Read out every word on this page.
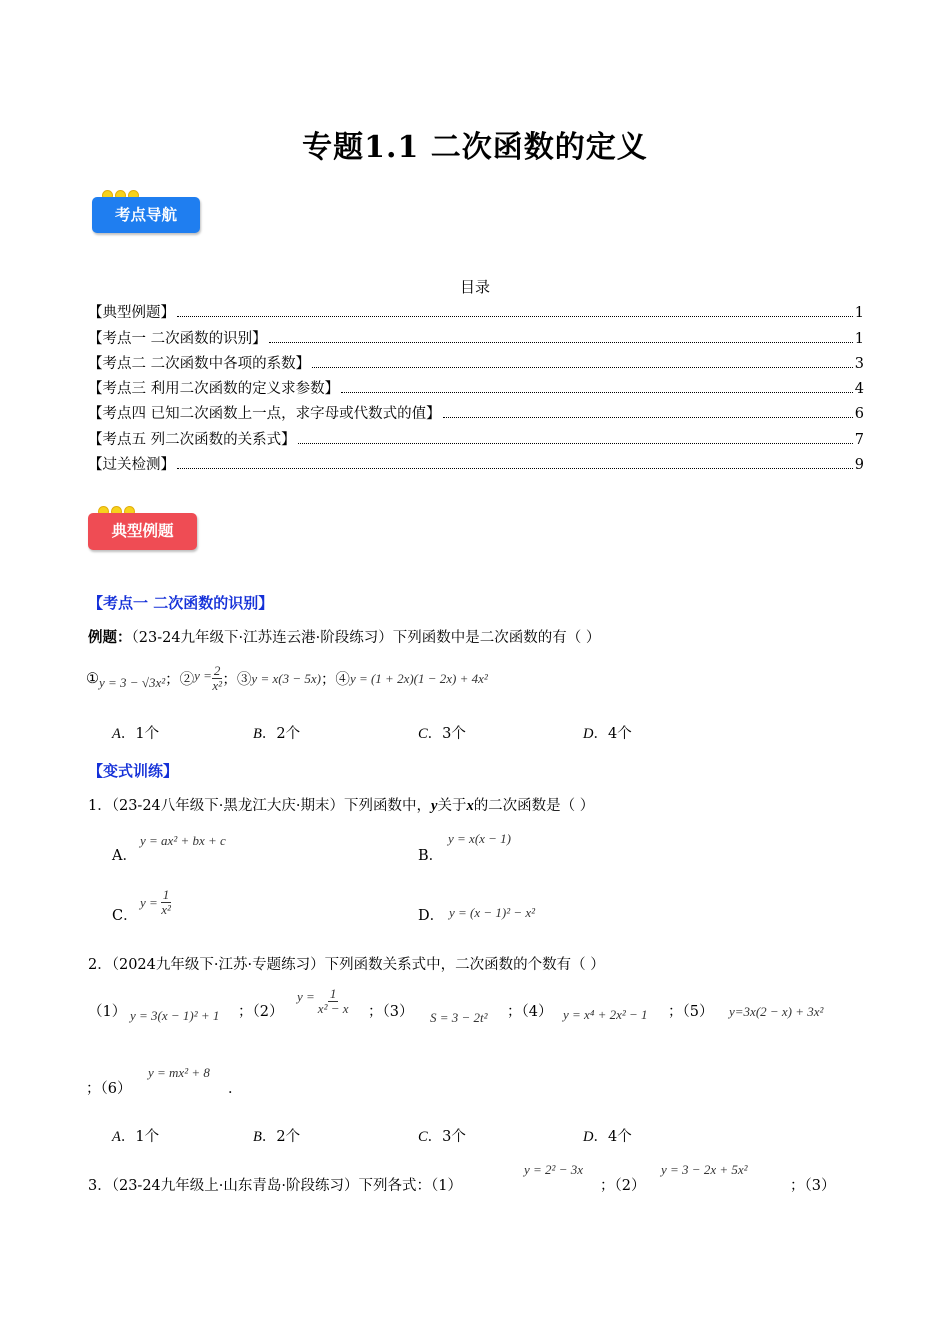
专题1.1 二次函数的定义
考点导航
目录
【典型例题】	1
【考点一 二次函数的识别】	1
【考点二 二次函数中各项的系数】	3
【考点三 利用二次函数的定义求参数】	4
【考点四 已知二次函数上一点，求字母或代数式的值】	6
【考点五 列二次函数的关系式】	7
【过关检测】	9
典型例题
【考点一 二次函数的识别】
例题：（23-24九年级下·江苏连云港·阶段练习）下列函数中是二次函数的有（ ）
① y = 3 − √3x² ；② $y = \frac{2}{\text{x²}}$ ；③ y = x(3 − 5x) ；④ y = (1 + 2x)(1 − 2x) + 4x²
A．1个	B．2个	C．3个	D．4个
【变式训练】
1．（23-24八年级下·黑龙江大庆·期末）下列函数中，y关于x的二次函数是（ ）
A．
y = ax² + bx + c
B．
y = x(x − 1)
C．
$y = \frac{1}{\text{x²}}$	D． y = (x − 1)² − x²
2．（2024九年级下·江苏·专题练习）下列函数关系式中，二次函数的个数有（ ）
（1） y = 3(x − 1)² + 1 ；（2）
$y = \frac{1}{\text{x² − x}}$ ；（3） S = 3 − 2t² ；（4） y = x⁴ + 2x² − 1 ；（5） y=3x(2 − x) + 3x²
；（6）
y = mx² + 8
．
A．1个	B．2个	C．3个	D．4个
3．（23-24九年级上·山东青岛·阶段练习）下列各式：（1）
y = 2² − 3x
；（2）
y = 3 − 2x + 5x²
；（3）
